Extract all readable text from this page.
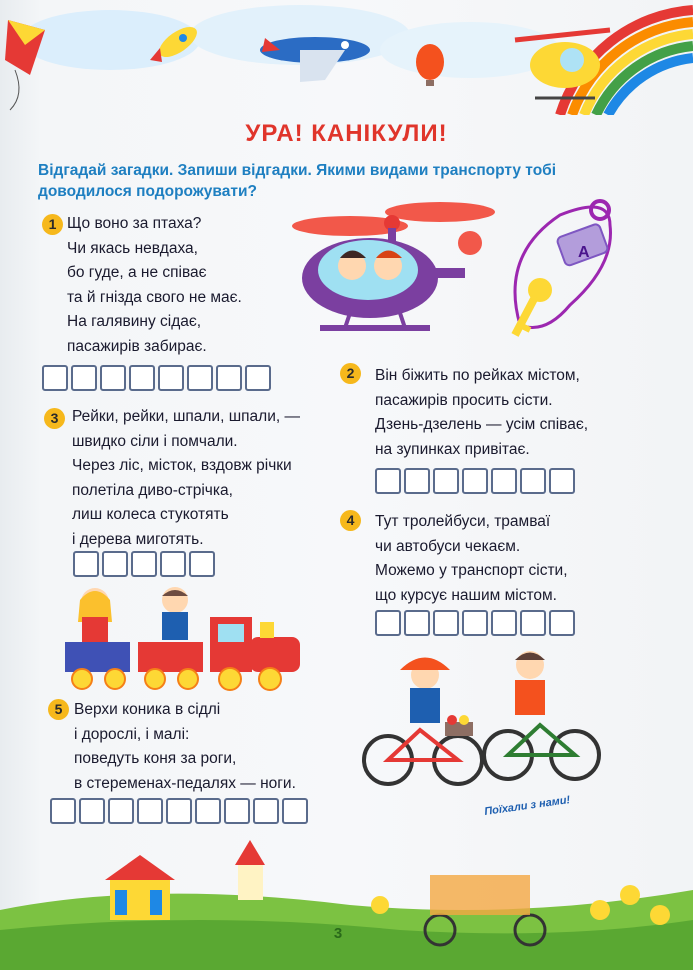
УРА! КАНІКУЛИ!
Відгадай загадки. Запиши відгадки. Якими видами транспорту тобі доводилося подорожувати?
1 Що воно за птаха?
Чи якась невдаха,
бо гуде, а не співає
та й гнізда свого не має.
На галявину сідає,
пасажирів забирає.
А
2	Він біжить по рейках містом,
пасажирів просить сісти.
Дзень-дзелень — усім співає,
на зупинках привітає.
3 Рейки, рейки, шпали, шпали, —
швидко сіли і помчали.
Через ліс, місток, вздовж річки
полетіла диво-стрічка,
лиш колеса стукотять
і дерева миготять.
4	Тут тролейбуси, трамваї
чи автобуси чекаєм.
Можемо у транспорт сісти,
що курсує нашим містом.
5 Верхи коника в сідлі
і дорослі, і малі:
поведуть коня за роги,
в стеременах-педалях — ноги.
Поїхали з нами!
3
